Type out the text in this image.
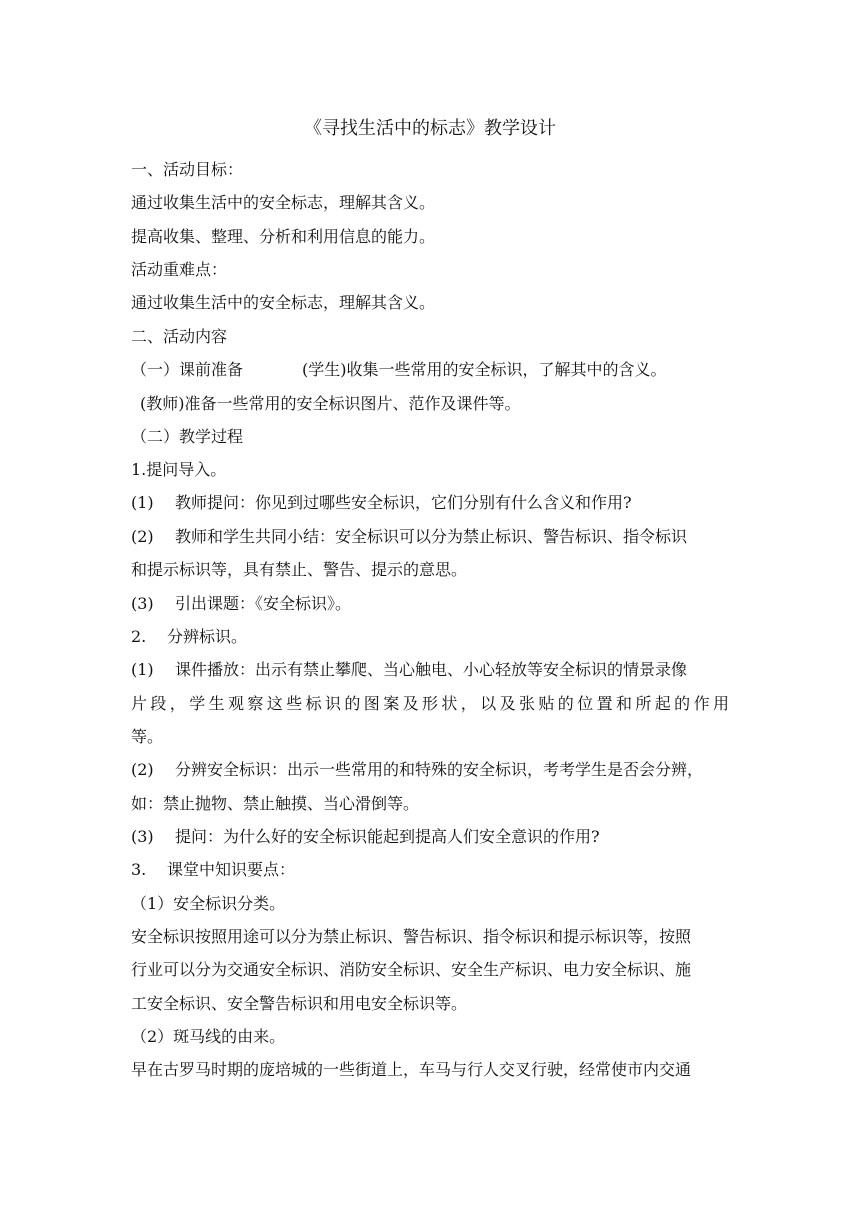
《寻找生活中的标志》教学设计
一、活动目标：
通过收集生活中的安全标志，理解其含义。
提高收集、整理、分析和利用信息的能力。
活动重难点：
通过收集生活中的安全标志，理解其含义。
二、活动内容
（一）课前准备	(学生)收集一些常用的安全标识，了解其中的含义。
(教师)准备一些常用的安全标识图片、范作及课件等。
（二）教学过程
1.提问导入。
(1) 教师提问：你见到过哪些安全标识，它们分别有什么含义和作用?
(2) 教师和学生共同小结：安全标识可以分为禁止标识、警告标识、指令标识
和提示标识等，具有禁止、警告、提示的意思。
(3) 引出课题：《安全标识》。
2. 分辨标识。
(1) 课件播放：出示有禁止攀爬、当心触电、小心轻放等安全标识的情景录像
片段，学生观察这些标识的图案及形状，以及张贴的位置和所起的作用
等。
(2) 分辨安全标识：出示一些常用的和特殊的安全标识，考考学生是否会分辨，
如：禁止抛物、禁止触摸、当心滑倒等。
(3) 提问：为什么好的安全标识能起到提高人们安全意识的作用?
3. 课堂中知识要点：
（1）安全标识分类。
安全标识按照用途可以分为禁止标识、警告标识、指令标识和提示标识等，按照
行业可以分为交通安全标识、消防安全标识、安全生产标识、电力安全标识、施
工安全标识、安全警告标识和用电安全标识等。
（2）斑马线的由来。
早在古罗马时期的庞培城的一些街道上，车马与行人交叉行驶，经常使市内交通
